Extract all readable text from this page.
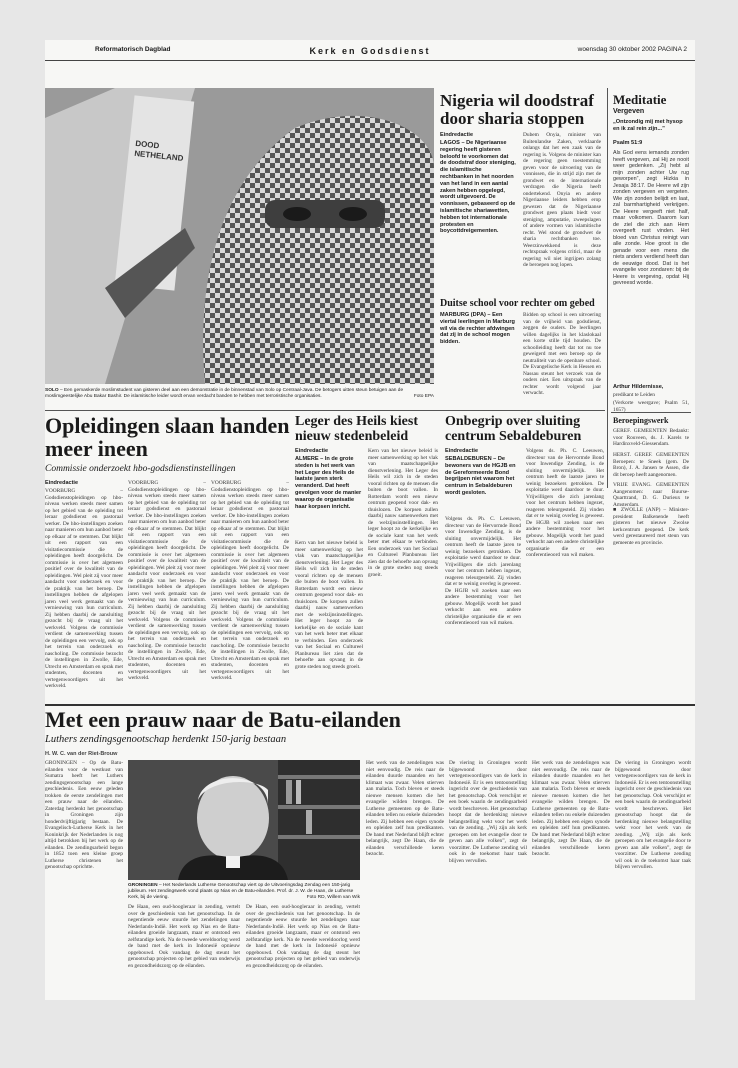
Reformatorisch Dagblad	Kerk en Godsdienst	woensdag 30 oktober 2002 PAGINA 2
DOODNETHELAND
SOLO – Een gemaskerde moslimstudent van gisteren deel aan een demonstratie in de binnenstad van Solo op Centraal-Java. De betogers uitten steun betuigen aan de moslimgeestelijke Abu Bakar Bashir. De islamitische leider wordt ervan verdacht banden te hebben met terroristische organisaties.	Foto EPA
Nigeria wil doodstraf door sharia stoppen
Eindredactie
LAGOS – De Nigeriaanse regering heeft gisteren beloofd te voorkomen dat de doodstraf door steniging, die islamitische rechtbanken in het noorden van het land in een aantal zaken hebben opgelegd, wordt uitgevoerd. De vonnissen, gebaseerd op de islamitische shariawetten, hebben tot internationale protesten en boycottdreigementen.
Dubem Onyia, minister van Buitenlandse Zaken, verklaarde onlangs dat het een zaak van de regering is. Volgens de minister kan de regering geen toestemming geven voor de uitvoering van de vonnissen, die in strijd zijn met de grondwet en de internationale verdragen die Nigeria heeft ondertekend. Onyia en andere Nigeriaanse leiders hebben erop gewezen dat de Nigeriaanse grondwet geen plaats biedt voor steniging, amputatie, zweepslagen of andere vormen van islamitische recht. Wel stond de grondwet de sharia rechtbanken toe. Weerzinwekkend is deze rechtspraak volgens critici, maar de regering wil niet ingrijpen zolang de beroepen nog lopen.
Duitse school voor rechter om gebed
MARBURG (DPA) – Een viertal leerlingen in Marburg wil via de rechter afdwingen dat zij in de school mogen bidden.
Bidden op school is een uitvoering van de vrijheid van godsdienst, zeggen de ouders. De leerlingen willen dagelijks in het klaslokaal een korte stille tijd houden. De schoolleiding heeft dat tot nu toe geweigerd met een beroep op de neutraliteit van de openbare school. De Evangelische Kerk in Hessen en Nassau steunt het verzoek van de ouders niet. Een uitspraak van de rechter wordt volgend jaar verwacht.
Meditatie
Vergeven
„Ontzondig mij met hysop en ik zal rein zijn...”
Psalm 51:9
Als God eens iemands zonden heeft vergeven, zal Hij ze nooit weer gedenken. „Zij hebt al mijn zonden achter Uw rug geworpen”, zegt Hizkia in Jesaja 38:17. De Heere wil zijn zonden vergeven en vergeten. Wie zijn zonden belijdt en laat, zal barmhartigheid verkrijgen. De Heere vergeeft niet half, maar volkomen. Daarom kan de ziel die zich aan Hem overgeeft rust vinden. Het bloed van Christus reinigt van alle zonde. Hoe groot is die genade voor een mens die niets anders verdiend heeft dan de eeuwige dood. Dat is het evangelie voor zondaren: bij de Heere is vergeving, opdat Hij gevreesd worde.
Arthur Hildernisse,
predikant te Leiden
(Verkorte weergave; Psalm 51, 1657)
Beroepingswerk
GEREF. GEMEENTEN Bedankt: voor Rouveen, ds. J. Karels te Hardinxveld-Giessendam.
HERST. GEREF. GEMEENTEN Beroepen: te Sneek (gem. De Bron), J. A. Jansen te Assen, die dit beroep heeft aangenomen.
VRIJE EVANG. GEMEENTEN Aangenomen: naar Buurse-Quarttrand, D. G. Durieux te Amsterdam.
■ ZWOLLE (ANP) – Minister-president Balkenende heeft gisteren het nieuwe Zwolse kerkcentrum geopend. De kerk werd gerestaureerd met steun van gemeente en provincie.
Opleidingen slaan handen meer ineen
Commissie onderzoekt hbo-godsdienstinstellingen
Eindredactie
VOORBURG – Godsdienstopleidingen op hbo-niveau werken steeds meer samen op het gebied van de opleiding tot leraar godsdienst en pastoraal werker. De hbo-instellingen zoeken naar manieren om hun aanbod beter op elkaar af te stemmen. Dat blijkt uit een rapport van een visitatiecommissie die de opleidingen heeft doorgelicht. De commissie is over het algemeen positief over de kwaliteit van de opleidingen. Wel pleit zij voor meer aandacht voor onderzoek en voor de praktijk van het beroep. De instellingen hebben de afgelopen jaren veel werk gemaakt van de vernieuwing van hun curriculum. Zij hebben daarbij de aansluiting gezocht bij de vraag uit het werkveld. Volgens de commissie verdient de samenwerking tussen de opleidingen een vervolg, ook op het terrein van onderzoek en nascholing. De commissie bezocht de instellingen in Zwolle, Ede, Utrecht en Amsterdam en sprak met studenten, docenten en vertegenwoordigers uit het werkveld.
VOORBURG – Godsdienstopleidingen op hbo-niveau werken steeds meer samen op het gebied van de opleiding tot leraar godsdienst en pastoraal werker. De hbo-instellingen zoeken naar manieren om hun aanbod beter op elkaar af te stemmen. Dat blijkt uit een rapport van een visitatiecommissie die de opleidingen heeft doorgelicht. De commissie is over het algemeen positief over de kwaliteit van de opleidingen. Wel pleit zij voor meer aandacht voor onderzoek en voor de praktijk van het beroep. De instellingen hebben de afgelopen jaren veel werk gemaakt van de vernieuwing van hun curriculum. Zij hebben daarbij de aansluiting gezocht bij de vraag uit het werkveld. Volgens de commissie verdient de samenwerking tussen de opleidingen een vervolg, ook op het terrein van onderzoek en nascholing. De commissie bezocht de instellingen in Zwolle, Ede, Utrecht en Amsterdam en sprak met studenten, docenten en vertegenwoordigers uit het werkveld.
VOORBURG – Godsdienstopleidingen op hbo-niveau werken steeds meer samen op het gebied van de opleiding tot leraar godsdienst en pastoraal werker. De hbo-instellingen zoeken naar manieren om hun aanbod beter op elkaar af te stemmen. Dat blijkt uit een rapport van een visitatiecommissie die de opleidingen heeft doorgelicht. De commissie is over het algemeen positief over de kwaliteit van de opleidingen. Wel pleit zij voor meer aandacht voor onderzoek en voor de praktijk van het beroep. De instellingen hebben de afgelopen jaren veel werk gemaakt van de vernieuwing van hun curriculum. Zij hebben daarbij de aansluiting gezocht bij de vraag uit het werkveld. Volgens de commissie verdient de samenwerking tussen de opleidingen een vervolg, ook op het terrein van onderzoek en nascholing. De commissie bezocht de instellingen in Zwolle, Ede, Utrecht en Amsterdam en sprak met studenten, docenten en vertegenwoordigers uit het werkveld.
Leger des Heils kiest nieuw stedenbeleid
Eindredactie
ALMERE – In de grote steden is het werk van het Leger des Heils de laatste jaren sterk veranderd. Dat heeft gevolgen voor de manier waarop de organisatie haar korpsen inricht.
Kern van het nieuwe beleid is meer samenwerking op het vlak van maatschappelijke dienstverlening. Het Leger des Heils wil zich in de steden vooral richten op de mensen die buiten de boot vallen. In Rotterdam wordt een nieuw centrum geopend voor dak- en thuislozen. De korpsen zullen daarbij nauw samenwerken met de welzijnsinstellingen. Het leger hoopt zo de kerkelijke en de sociale kant van het werk beter met elkaar te verbinden. Een onderzoek van het Sociaal en Cultureel Planbureau liet zien dat de behoefte aan opvang in de grote steden nog steeds groeit.
Kern van het nieuwe beleid is meer samenwerking op het vlak van maatschappelijke dienstverlening. Het Leger des Heils wil zich in de steden vooral richten op de mensen die buiten de boot vallen. In Rotterdam wordt een nieuw centrum geopend voor dak- en thuislozen. De korpsen zullen daarbij nauw samenwerken met de welzijnsinstellingen. Het leger hoopt zo de kerkelijke en de sociale kant van het werk beter met elkaar te verbinden. Een onderzoek van het Sociaal en Cultureel Planbureau liet zien dat de behoefte aan opvang in de grote steden nog steeds groeit.
Onbegrip over sluiting centrum Sebaldeburen
Eindredactie
SEBALDEBUREN – De bewoners van de HGJB en de Gereformeerde Bond begrijpen niet waarom het centrum in Sebaldeburen wordt gesloten.
Volgens ds. Ph. C. Leeuwen, directeur van de Hervormde Bond voor Inwendige Zending, is de sluiting onvermijdelijk. Het centrum heeft de laatste jaren te weinig bezoekers getrokken. De exploitatie werd daardoor te duur. Vrijwilligers die zich jarenlang voor het centrum hebben ingezet, reageren teleurgesteld. Zij vinden dat er te weinig overleg is geweest. De HGJB wil zoeken naar een andere bestemming voor het gebouw. Mogelijk wordt het pand verkocht aan een andere christelijke organisatie die er een conferentieoord van wil maken.
Volgens ds. Ph. C. Leeuwen, directeur van de Hervormde Bond voor Inwendige Zending, is de sluiting onvermijdelijk. Het centrum heeft de laatste jaren te weinig bezoekers getrokken. De exploitatie werd daardoor te duur. Vrijwilligers die zich jarenlang voor het centrum hebben ingezet, reageren teleurgesteld. Zij vinden dat er te weinig overleg is geweest. De HGJB wil zoeken naar een andere bestemming voor het gebouw. Mogelijk wordt het pand verkocht aan een andere christelijke organisatie die er een conferentieoord van wil maken.
Met een prauw naar de Batu-eilanden
Luthers zendingsgenootschap herdenkt 150-jarig bestaan
H. W. C. van der Riet-Brouw
GRONINGEN – Op de Batu-eilanden voor de westkust van Sumatra heeft het Luthers zendingsgenootschap een lange geschiedenis. Een eeuw geleden trokken de eerste zendelingen met een prauw naar de eilanden. Zaterdag herdenkt het genootschap in Groningen zijn honderdvijftigjarig bestaan. De Evangelisch-Lutherse Kerk in het Koninkrijk der Nederlanden is nog altijd betrokken bij het werk op de eilanden. De zendingsarbeid begon in 1852 toen een kleine groep Lutherse christenen het genootschap oprichtte.
GRONINGEN – Het Nederlands Lutherse Genootschap viert op de Uitvoeringsdag Zendag een 150-jarig jubileum. Het zendingswerk vond plaats op Nias en de Batu-eilanden. Prof. dr. J. W. de Haan, de Lutherse Kerk, bij de viering.	Foto RD, Willem van Wik
De Haan, een oud-hoogleraar in zending, vertelt over de geschiedenis van het genootschap. In de negentiende eeuw stuurde het zendelingen naar Nederlands-Indië. Het werk op Nias en de Batu-eilanden groeide langzaam, maar er ontstond een zelfstandige kerk. Na de tweede wereldoorlog werd de band met de kerk in Indonesië opnieuw opgebouwd. Ook vandaag de dag steunt het genootschap projecten op het gebied van onderwijs en gezondheidszorg op de eilanden.
De Haan, een oud-hoogleraar in zending, vertelt over de geschiedenis van het genootschap. In de negentiende eeuw stuurde het zendelingen naar Nederlands-Indië. Het werk op Nias en de Batu-eilanden groeide langzaam, maar er ontstond een zelfstandige kerk. Na de tweede wereldoorlog werd de band met de kerk in Indonesië opnieuw opgebouwd. Ook vandaag de dag steunt het genootschap projecten op het gebied van onderwijs en gezondheidszorg op de eilanden.
Het werk van de zendelingen was niet eenvoudig. De reis naar de eilanden duurde maanden en het klimaat was zwaar. Velen stierven aan malaria. Toch bleven er steeds nieuwe mensen komen die het evangelie wilden brengen. De Lutherse gemeenten op de Batu-eilanden tellen nu enkele duizenden leden. Zij hebben een eigen synode en opleiden zelf hun predikanten. De band met Nederland blijft echter belangrijk, zegt De Haan, die de eilanden verschillende keren bezocht.
De viering in Groningen wordt bijgewoond door vertegenwoordigers van de kerk in Indonesië. Er is een tentoonstelling ingericht over de geschiedenis van het genootschap. Ook verschijnt er een boek waarin de zendingsarbeid wordt beschreven. Het genootschap hoopt dat de herdenking nieuwe belangstelling wekt voor het werk van de zending. „Wij zijn als kerk geroepen om het evangelie door te geven aan alle volken”, zegt de voorzitter. De Lutherse zending wil ook in de toekomst haar taak blijven vervullen.
Het werk van de zendelingen was niet eenvoudig. De reis naar de eilanden duurde maanden en het klimaat was zwaar. Velen stierven aan malaria. Toch bleven er steeds nieuwe mensen komen die het evangelie wilden brengen. De Lutherse gemeenten op de Batu-eilanden tellen nu enkele duizenden leden. Zij hebben een eigen synode en opleiden zelf hun predikanten. De band met Nederland blijft echter belangrijk, zegt De Haan, die de eilanden verschillende keren bezocht.
De viering in Groningen wordt bijgewoond door vertegenwoordigers van de kerk in Indonesië. Er is een tentoonstelling ingericht over de geschiedenis van het genootschap. Ook verschijnt er een boek waarin de zendingsarbeid wordt beschreven. Het genootschap hoopt dat de herdenking nieuwe belangstelling wekt voor het werk van de zending. „Wij zijn als kerk geroepen om het evangelie door te geven aan alle volken”, zegt de voorzitter. De Lutherse zending wil ook in de toekomst haar taak blijven vervullen.
